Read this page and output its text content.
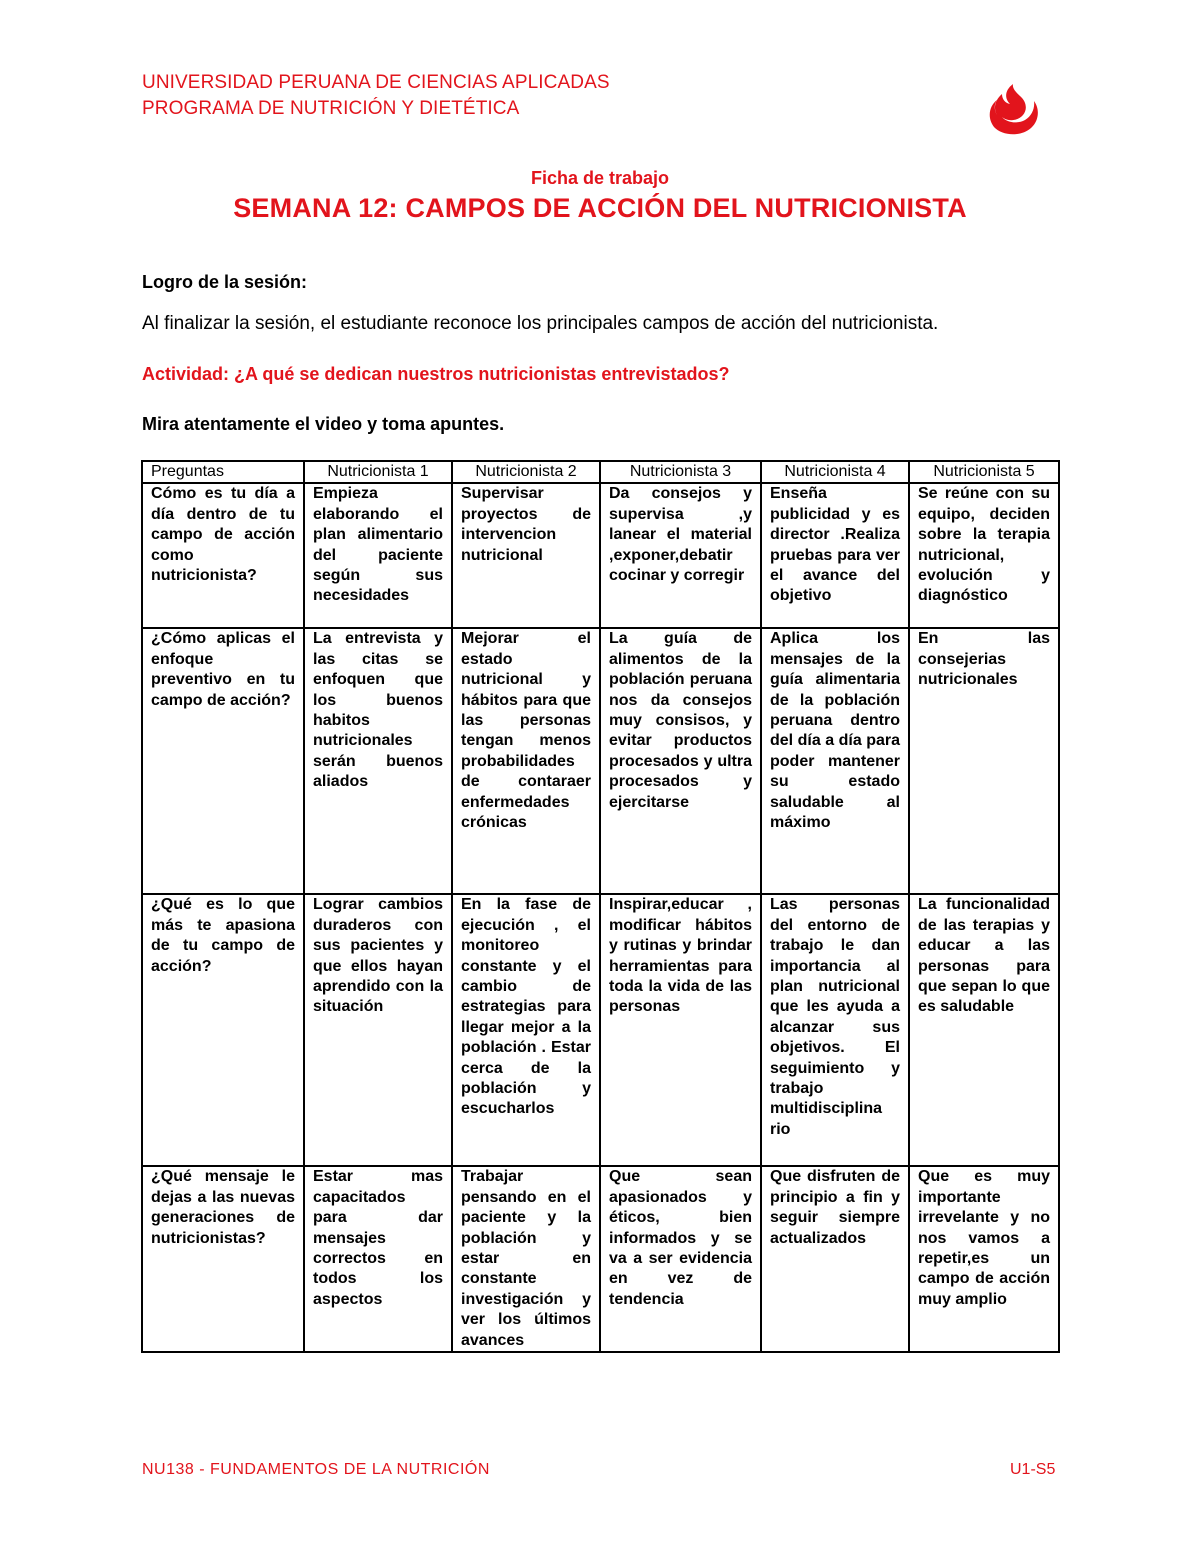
UNIVERSIDAD PERUANA DE CIENCIAS APLICADAS
PROGRAMA DE NUTRICIÓN Y DIETÉTICA
Ficha de trabajo
SEMANA 12: CAMPOS DE ACCIÓN DEL NUTRICIONISTA
Logro de la sesión:
Al finalizar la sesión, el estudiante reconoce los principales campos de acción del nutricionista.
Actividad: ¿A qué se dedican nuestros nutricionistas entrevistados?
Mira atentamente el video y toma apuntes.
Preguntas	Nutricionista 1	Nutricionista 2	Nutricionista 3	Nutricionista 4	Nutricionista 5
Cómo es tu día a día dentro de tu campo de acción como nutricionista?	Empieza elaborando el plan alimentario del paciente según sus necesidades	Supervisar proyectos de intervencion nutricional	Da consejos y supervisa ,y lanear el material ,exponer,debatir cocinar y corregir	Enseña publicidad y es director .Realiza pruebas para ver el avance del objetivo	Se reúne con su equipo, deciden sobre la terapia nutricional, evolución y diagnóstico
¿Cómo aplicas el enfoque preventivo en tu campo de acción?	La entrevista y las citas se enfoquen que los buenos habitos nutricionales serán buenos aliados	Mejorar el estado nutricional y hábitos para que las personas tengan menos probabilidades de contaraer enfermedades crónicas	La guía de alimentos de la población peruana nos da consejos muy consisos, y evitar productos procesados y ultra procesados y ejercitarse	Aplica los mensajes de la guía alimentaria de la población peruana dentro del día a día para poder mantener su estado saludable al máximo	En las consejerias nutricionales
¿Qué es lo que más te apasiona de tu campo de acción?	Lograr cambios duraderos con sus pacientes y que ellos hayan aprendido con la situación	En la fase de ejecución , el monitoreo constante y el cambio de estrategias para llegar mejor a la población . Estar cerca de la población y escucharlos	Inspirar,educar , modificar hábitos y rutinas y brindar herramientas para toda la vida de las personas	Las personas del entorno de trabajo le dan importancia al plan nutricional que les ayuda a alcanzar sus objetivos. El seguimiento y trabajo multidisciplina rio	La funcionalidad de las terapias y educar a las personas para que sepan lo que es saludable
¿Qué mensaje le dejas a las nuevas generaciones de nutricionistas?	Estar mas capacitados para dar mensajes correctos en todos los aspectos	Trabajar pensando en el paciente y la población y estar en constante investigación y ver los últimos avances	Que sean apasionados y éticos, bien informados y se va a ser evidencia en vez de tendencia	Que disfruten de principio a fin y seguir siempre actualizados	Que es muy importante irrevelante y no nos vamos a repetir,es un campo de acción muy amplio
NU138 - FUNDAMENTOS DE LA NUTRICIÓN	U1-S5
